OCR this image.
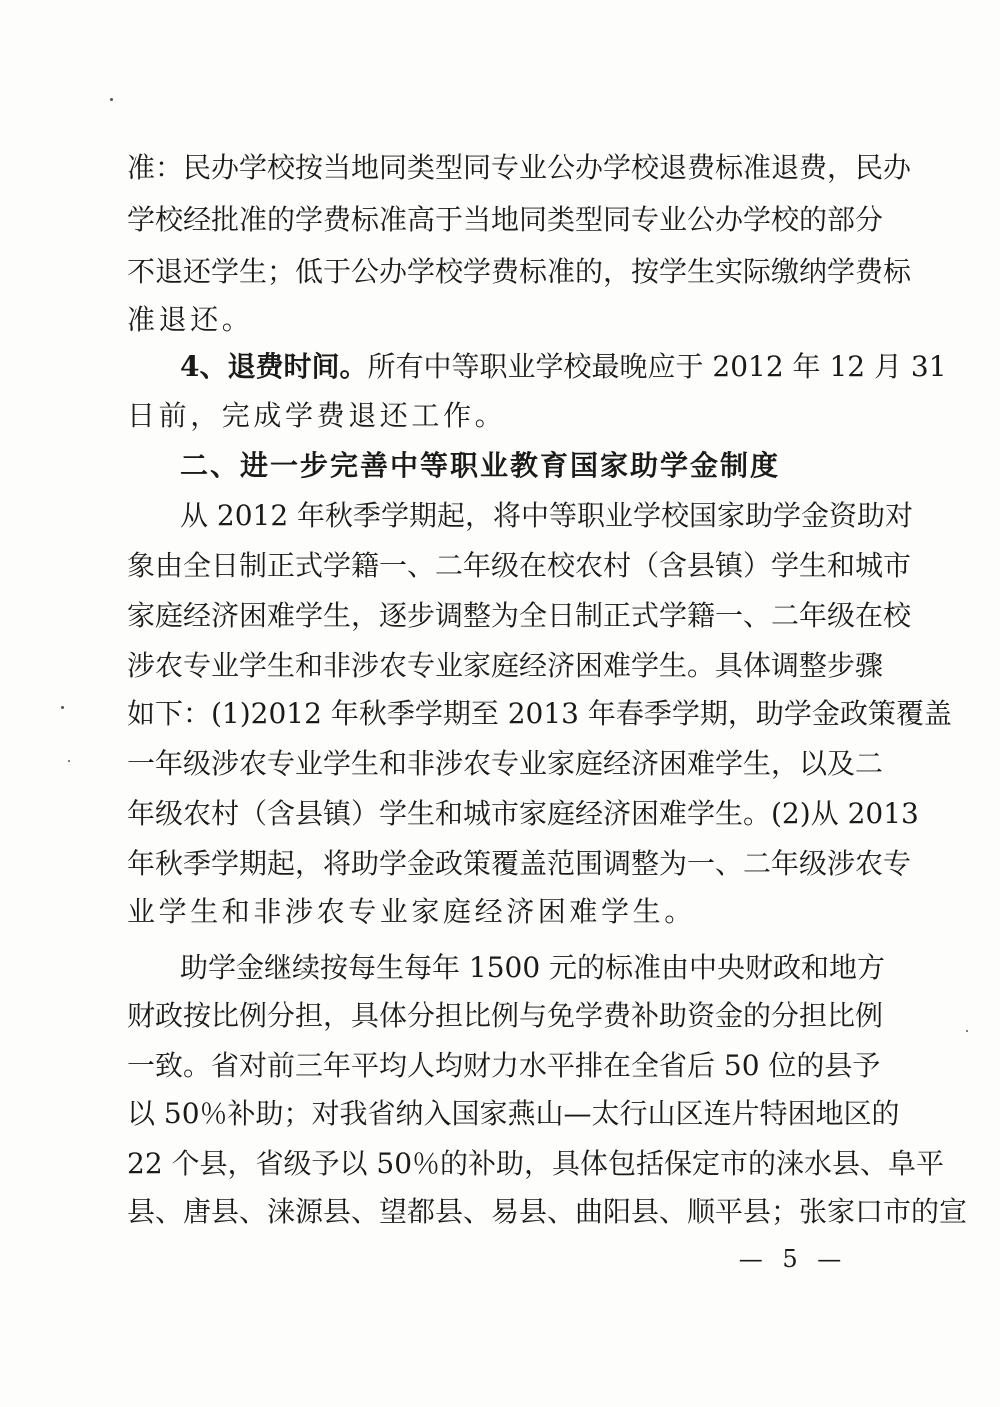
准：民办学校按当地同类型同专业公办学校退费标准退费，民办
学校经批准的学费标准高于当地同类型同专业公办学校的部分
不退还学生；低于公办学校学费标准的，按学生实际缴纳学费标
准退还。
4、退费时间。所有中等职业学校最晚应于 2012 年 12 月 31
日前，完成学费退还工作。
二、进一步完善中等职业教育国家助学金制度
从 2012 年秋季学期起，将中等职业学校国家助学金资助对
象由全日制正式学籍一、二年级在校农村（含县镇）学生和城市
家庭经济困难学生，逐步调整为全日制正式学籍一、二年级在校
涉农专业学生和非涉农专业家庭经济困难学生。具体调整步骤
如下：(1)2012 年秋季学期至 2013 年春季学期，助学金政策覆盖
一年级涉农专业学生和非涉农专业家庭经济困难学生，以及二
年级农村（含县镇）学生和城市家庭经济困难学生。(2)从 2013
年秋季学期起，将助学金政策覆盖范围调整为一、二年级涉农专
业学生和非涉农专业家庭经济困难学生。
助学金继续按每生每年 1500 元的标准由中央财政和地方
财政按比例分担，具体分担比例与免学费补助资金的分担比例
一致。省对前三年平均人均财力水平排在全省后 50 位的县予
以 50％补助；对我省纳入国家燕山—太行山区连片特困地区的
22 个县，省级予以 50％的补助，具体包括保定市的涞水县、阜平
县、唐县、涞源县、望都县、易县、曲阳县、顺平县；张家口市的宣
— 5 —
